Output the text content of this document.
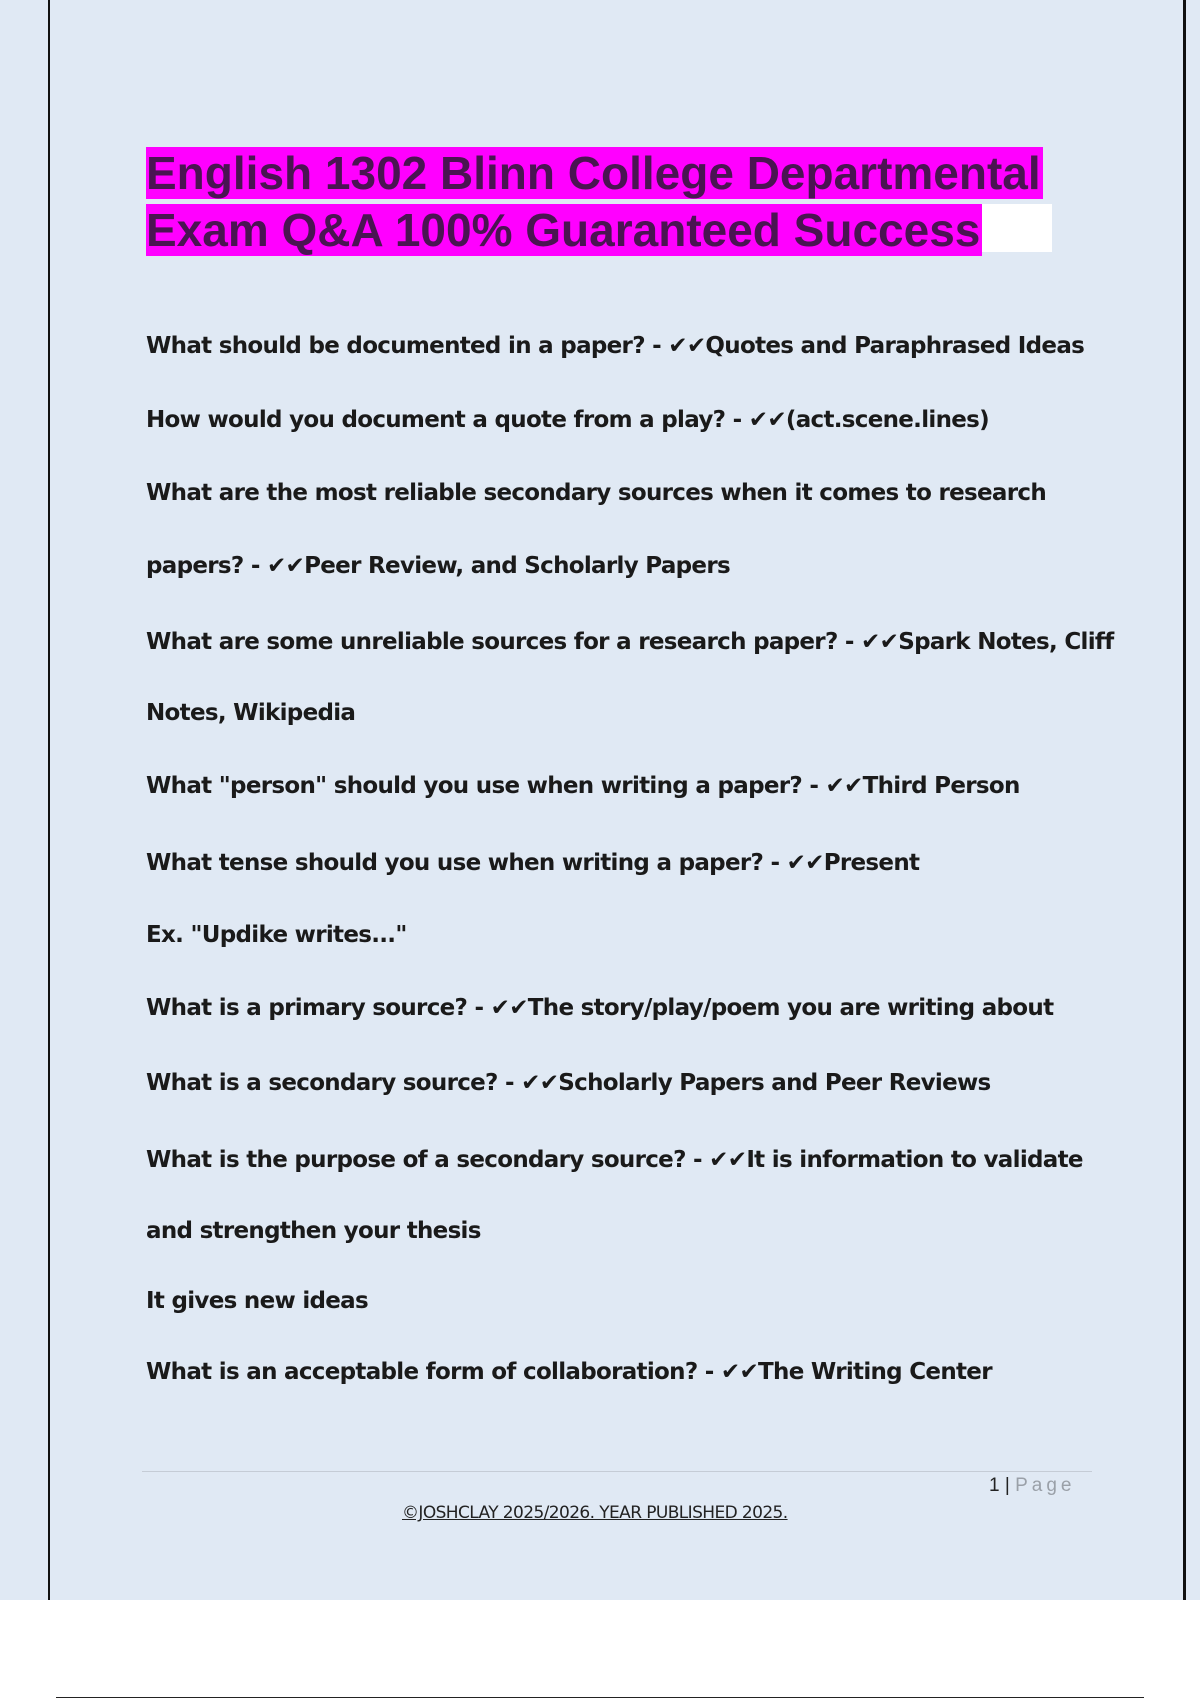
English 1302 Blinn College Departmental
Exam Q&A 100% Guaranteed Success
What should be documented in a paper? - ✔✔Quotes and Paraphrased Ideas
How would you document a quote from a play? - ✔✔(act.scene.lines)
What are the most reliable secondary sources when it comes to research
papers? - ✔✔Peer Review, and Scholarly Papers
What are some unreliable sources for a research paper? - ✔✔Spark Notes, Cliff
Notes, Wikipedia
What "person" should you use when writing a paper? - ✔✔Third Person
What tense should you use when writing a paper? - ✔✔Present
Ex. "Updike writes..."
What is a primary source? - ✔✔The story/play/poem you are writing about
What is a secondary source? - ✔✔Scholarly Papers and Peer Reviews
What is the purpose of a secondary source? - ✔✔It is information to validate
and strengthen your thesis
It gives new ideas
What is an acceptable form of collaboration? - ✔✔The Writing Center
1 | Page
©JOSHCLAY 2025/2026. YEAR PUBLISHED 2025.
